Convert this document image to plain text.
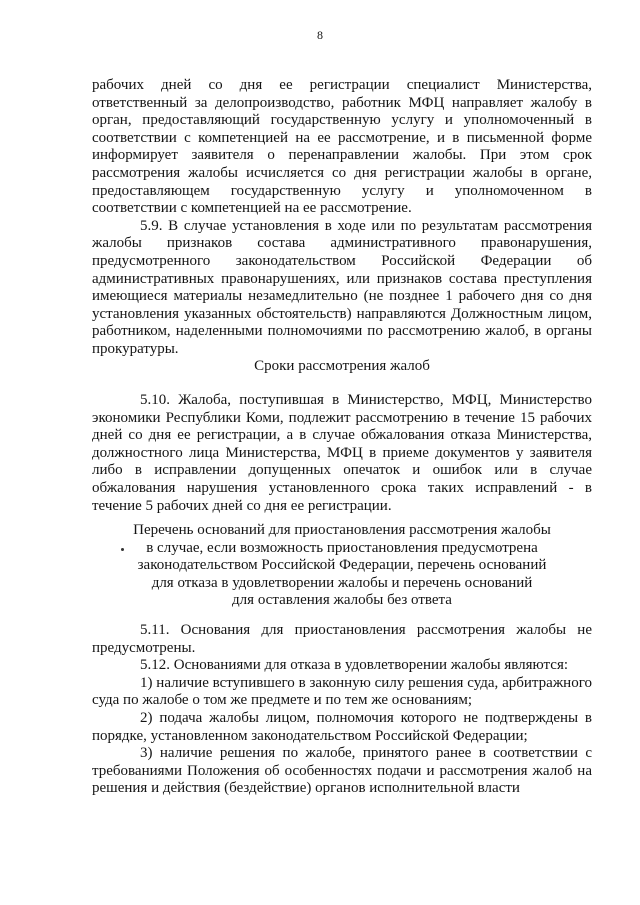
8

рабочих дней со дня ее регистрации специалист Министерства, ответственный за делопроизводство, работник МФЦ направляет жалобу в орган, предоставляющий государственную услугу и уполномоченный в соответствии с компетенцией на ее рассмотрение, и в письменной форме информирует заявителя о перенаправлении жалобы. При этом срок рассмотрения жалобы исчисляется со дня регистрации жалобы в органе, предоставляющем государственную услугу и уполномоченном в соответствии с компетенцией на ее рассмотрение.

5.9. В случае установления в ходе или по результатам рассмотрения жалобы признаков состава административного правонарушения, предусмотренного законодательством Российской Федерации об административных правонарушениях, или признаков состава преступления имеющиеся материалы незамедлительно (не позднее 1 рабочего дня со дня установления указанных обстоятельств) направляются Должностным лицом, работником, наделенными полномочиями по рассмотрению жалоб, в органы прокуратуры.

Сроки рассмотрения жалоб

5.10. Жалоба, поступившая в Министерство, МФЦ, Министерство экономики Республики Коми, подлежит рассмотрению в течение 15 рабочих дней со дня ее регистрации, а в случае обжалования отказа Министерства, должностного лица Министерства, МФЦ в приеме документов у заявителя либо в исправлении допущенных опечаток и ошибок или в случае обжалования нарушения установленного срока таких исправлений - в течение 5 рабочих дней со дня ее регистрации.

Перечень оснований для приостановления рассмотрения жалобы

в случае, если возможность приостановления предусмотрена

законодательством Российской Федерации, перечень оснований

для отказа в удовлетворении жалобы и перечень оснований

для оставления жалобы без ответа

5.11. Основания для приостановления рассмотрения жалобы не предусмотрены.

5.12. Основаниями для отказа в удовлетворении жалобы являются:

1) наличие вступившего в законную силу решения суда, арбитражного суда по жалобе о том же предмете и по тем же основаниям;

2) подача жалобы лицом, полномочия которого не подтверждены в порядке, установленном законодательством Российской Федерации;

3) наличие решения по жалобе, принятого ранее в соответствии с требованиями Положения об особенностях подачи и рассмотрения жалоб на решения и действия (бездействие) органов исполнительной власти
